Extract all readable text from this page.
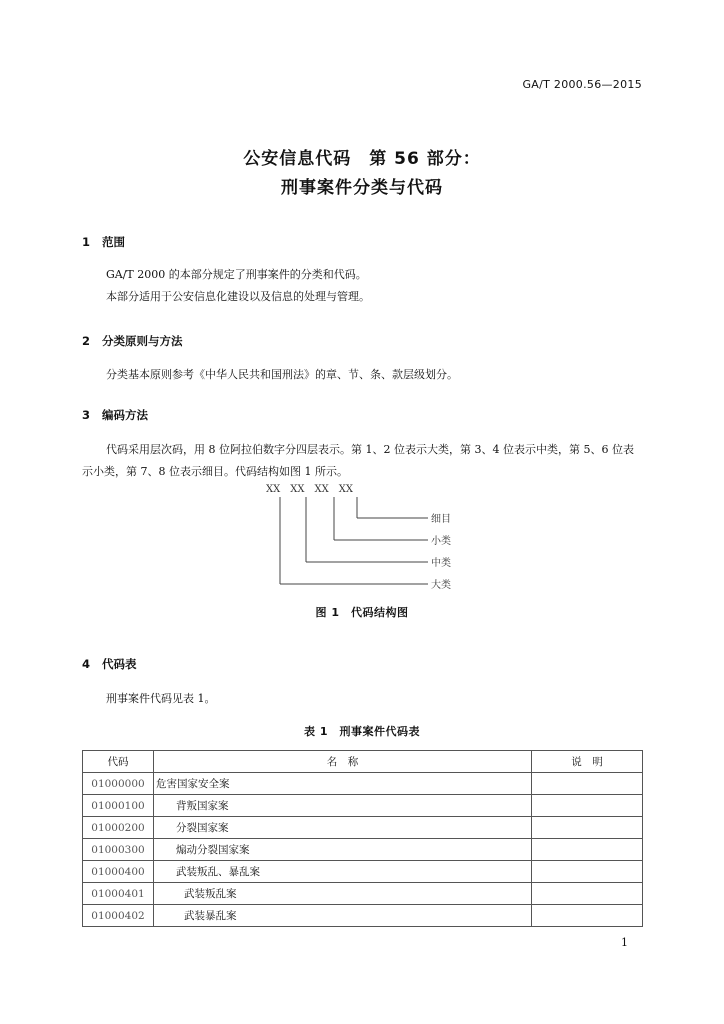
GA/T 2000.56—2015
公安信息代码　第 56 部分：
刑事案件分类与代码
1 范围

GA/T 2000 的本部分规定了刑事案件的分类和代码。

本部分适用于公安信息化建设以及信息的处理与管理。

2 分类原则与方法

分类基本原则参考《中华人民共和国刑法》的章、节、条、款层级划分。

3 编码方法

代码采用层次码，用 8 位阿拉伯数字分四层表示。第 1、2 位表示大类，第 3、4 位表示中类，第 5、6 位表示小类，第 7、8 位表示细目。代码结构如图 1 所示。

XX　XX　XX　XX
细目
小类
中类
大类
图 1　代码结构图
4 代码表

刑事案件代码见表 1。

表 1　刑事案件代码表
代码	名　称	说　明
01000000	危害国家安全案	
01000100	背叛国家案	
01000200	分裂国家案	
01000300	煽动分裂国家案	
01000400	武装叛乱、暴乱案	
01000401	武装叛乱案	
01000402	武装暴乱案	
1
